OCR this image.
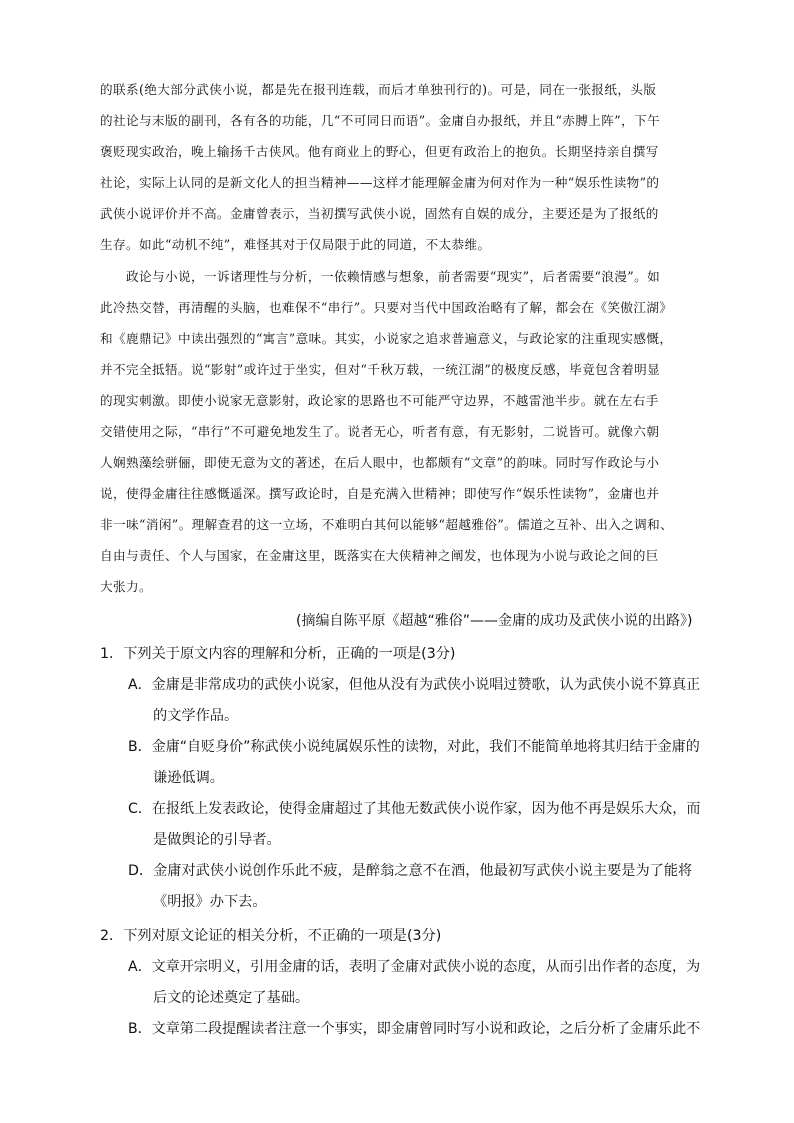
的联系(绝大部分武侠小说，都是先在报刊连载，而后才单独刊行的)。可是，同在一张报纸，头版
的社论与末版的副刊，各有各的功能，几“不可同日而语”。金庸自办报纸，并且“赤膊上阵”，下午
褒贬现实政治，晚上输扬千古侠风。他有商业上的野心，但更有政治上的抱负。长期坚持亲自撰写
社论，实际上认同的是新文化人的担当精神——这样才能理解金庸为何对作为一种“娱乐性读物”的
武侠小说评价并不高。金庸曾表示，当初撰写武侠小说，固然有自娱的成分，主要还是为了报纸的
生存。如此“动机不纯”，难怪其对于仅局限于此的同道，不太恭维。
政论与小说，一诉诸理性与分析，一依赖情感与想象，前者需要“现实”，后者需要“浪漫”。如
此冷热交替，再清醒的头脑，也难保不“串行”。只要对当代中国政治略有了解，都会在《笑傲江湖》
和《鹿鼎记》中读出强烈的“寓言”意味。其实，小说家之追求普遍意义，与政论家的注重现实感慨，
并不完全抵牾。说“影射”或许过于坐实，但对“千秋万载，一统江湖”的极度反感，毕竟包含着明显
的现实刺激。即使小说家无意影射，政论家的思路也不可能严守边界，不越雷池半步。就在左右手
交错使用之际，“串行”不可避免地发生了。说者无心，听者有意，有无影射，二说皆可。就像六朝
人娴熟藻绘骈俪，即使无意为文的著述，在后人眼中，也都颇有“文章”的韵味。同时写作政论与小
说，使得金庸往往感慨遥深。撰写政论时，自是充满入世精神；即使写作“娱乐性读物”，金庸也并
非一味“消闲”。理解查君的这一立场，不难明白其何以能够“超越雅俗”。儒道之互补、出入之调和、
自由与责任、个人与国家，在金庸这里，既落实在大侠精神之阐发，也体现为小说与政论之间的巨
大张力。
(摘编自陈平原《超越“雅俗”——金庸的成功及武侠小说的出路》)
1．下列关于原文内容的理解和分析，正确的一项是(3分)
A．金庸是非常成功的武侠小说家，但他从没有为武侠小说唱过赞歌，认为武侠小说不算真正
的文学作品。
B．金庸“自贬身价”称武侠小说纯属娱乐性的读物，对此，我们不能简单地将其归结于金庸的
谦逊低调。
C．在报纸上发表政论，使得金庸超过了其他无数武侠小说作家，因为他不再是娱乐大众，而
是做舆论的引导者。
D．金庸对武侠小说创作乐此不疲，是醉翁之意不在酒，他最初写武侠小说主要是为了能将
《明报》办下去。
2．下列对原文论证的相关分析，不正确的一项是(3分)
A．文章开宗明义，引用金庸的话，表明了金庸对武侠小说的态度，从而引出作者的态度，为
后文的论述奠定了基础。
B．文章第二段提醒读者注意一个事实，即金庸曾同时写小说和政论，之后分析了金庸乐此不
